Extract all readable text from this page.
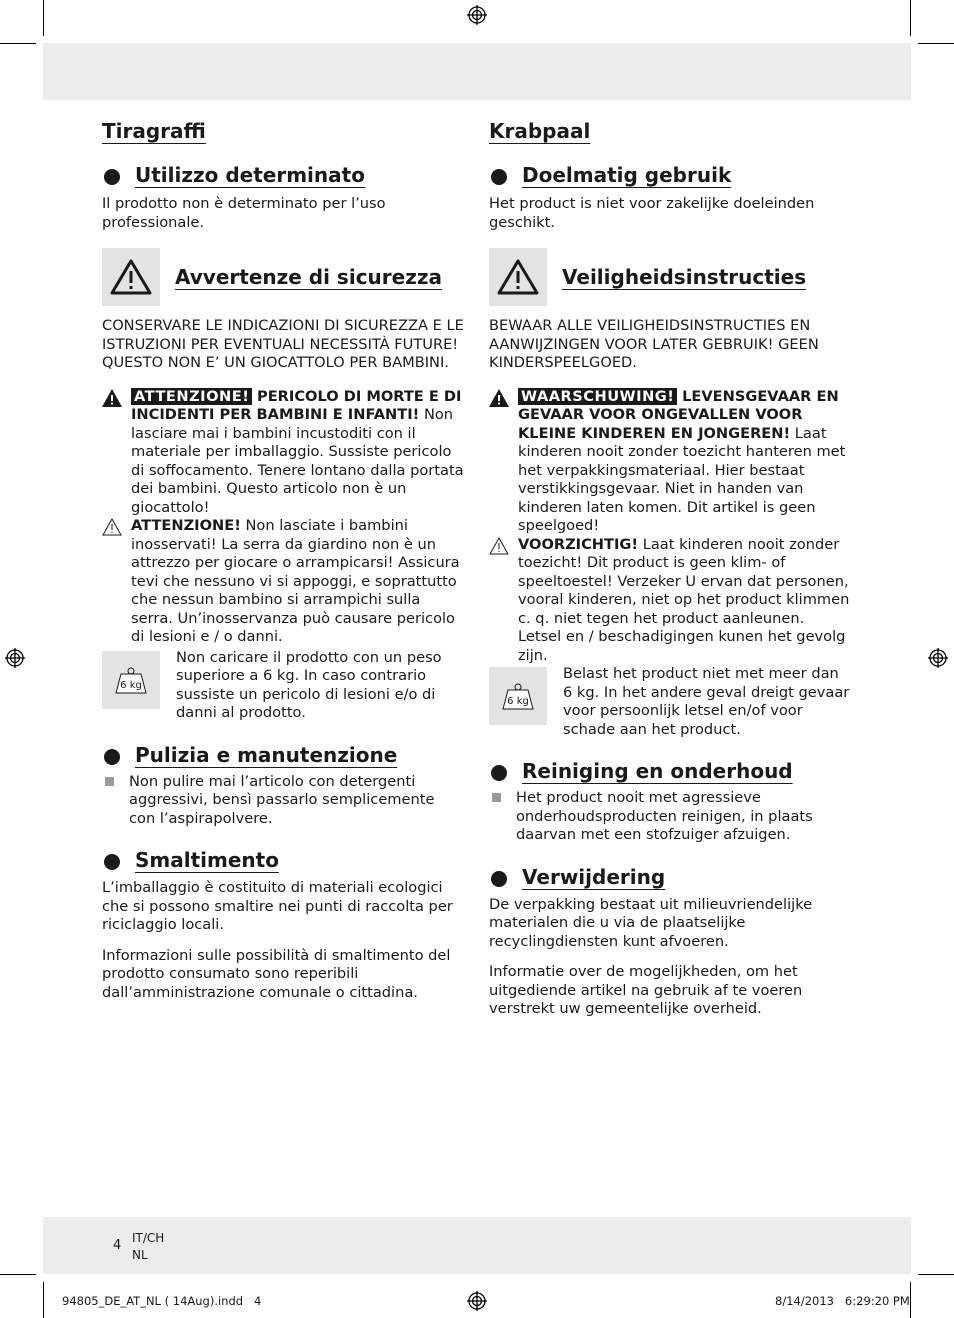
4 IT/CH
NL
94805_DE_AT_NL ( 14Aug).indd   4	8/14/2013   6:29:20 PM
Tiragraffi
Utilizzo determinato

Il prodotto non è determinato per l’uso professionale.

Avvertenze di sicurezza

CONSERVARE LE INDICAZIONI DI SICUREZZA E LE ISTRUZIONI PER EVENTUALI NECESSITÀ FUTURE! QUESTO NON E’ UN GIOCATTOLO PER BAMBINI.

ATTENZIONE! PERICOLO DI MORTE E DI INCIDENTI PER BAMBINI E INFANTI! Non lasciare mai i bambini incustoditi con il materiale per imballaggio. Sussiste pericolo di soffocamento. Tenere lontano dalla portata dei bambini. Questo articolo non è un giocattolo!

ATTENZIONE! Non lasciate i bambini inosservati! La serra da giardino non è un attrezzo per giocare o arrampicarsi! Assicura tevi che nessuno vi si appoggi, e soprattutto che nessun bambino si arrampichi sulla serra. Un’inosservanza può causare pericolo di lesioni e / o danni.

6 kg

Non caricare il prodotto con un peso superiore a 6 kg. In caso contrario sussiste un pericolo di lesioni e/o di danni al prodotto.

Pulizia e manutenzione

Non pulire mai l’articolo con detergenti aggressivi, bensì passarlo semplicemente con l’aspirapolvere.

Smaltimento

L’imballaggio è costituito di materiali ecologici che si possono smaltire nei punti di raccolta per riciclaggio locali.

Informazioni sulle possibilità di smaltimento del prodotto consumato sono reperibili dall’amministrazione comunale o cittadina.

Krabpaal
Doelmatig gebruik

Het product is niet voor zakelijke doeleinden geschikt.

Veiligheidsinstructies

BEWAAR ALLE VEILIGHEIDSINSTRUCTIES EN AANWIJZINGEN VOOR LATER GEBRUIK! GEEN KINDERSPEELGOED.

WAARSCHUWING! LEVENSGEVAAR EN GEVAAR VOOR ONGEVALLEN VOOR KLEINE KINDEREN EN JONGEREN! Laat kinderen nooit zonder toezicht hanteren met het verpakkingsmateriaal. Hier bestaat verstikkingsgevaar. Niet in handen van kinderen laten komen. Dit artikel is geen speelgoed!

VOORZICHTIG! Laat kinderen nooit zonder toezicht! Dit product is geen klim- of speeltoestel! Verzeker U ervan dat personen, vooral kinderen, niet op het product klimmen c. q. niet tegen het product aanleunen. Letsel en / beschadigingen kunen het gevolg zijn.

6 kg

Belast het product niet met meer dan 6 kg. In het andere geval dreigt gevaar voor persoonlijk letsel en/of voor schade aan het product.

Reiniging en onderhoud

Het product nooit met agressieve onderhoudsproducten reinigen, in plaats daarvan met een stofzuiger afzuigen.

Verwijdering

De verpakking bestaat uit milieuvriendelijke materialen die u via de plaatselijke recyclingdiensten kunt afvoeren.

Informatie over de mogelijkheden, om het uitgediende artikel na gebruik af te voeren verstrekt uw gemeentelijke overheid.
